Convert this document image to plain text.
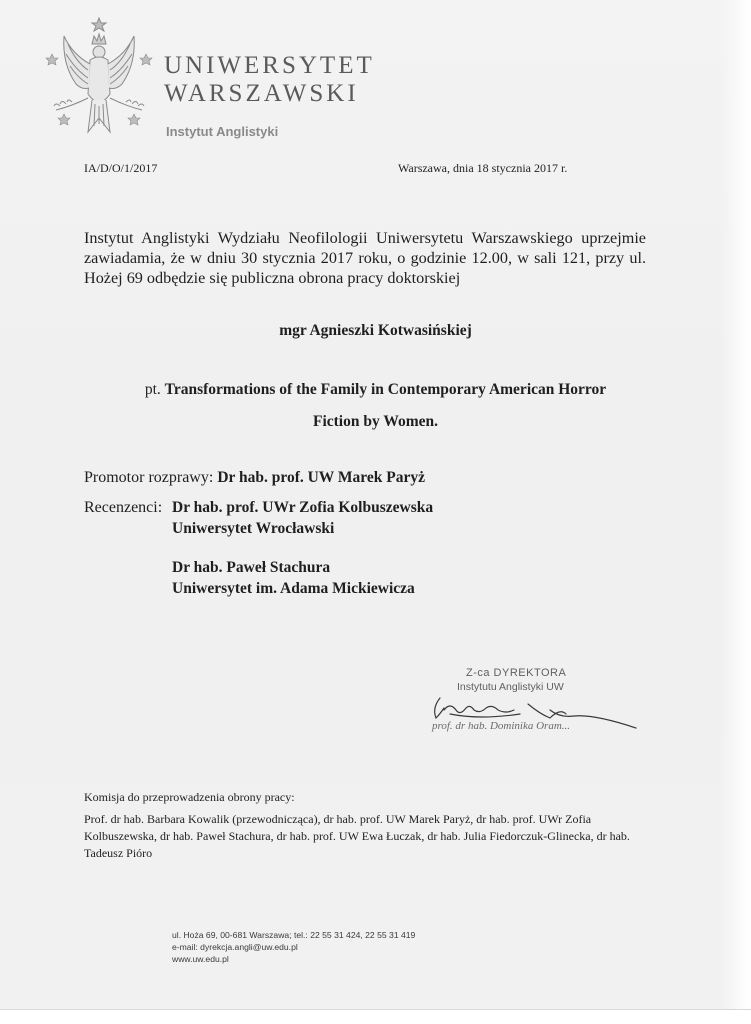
UNIWERSYTET
WARSZAWSKI
Instytut Anglistyki
IA/D/O/1/2017	Warszawa, dnia 18 stycznia 2017 r.

Instytut Anglistyki Wydziału Neofilologii Uniwersytetu Warszawskiego uprzejmie zawiadamia, że w dniu 30 stycznia 2017 roku, o godzinie 12.00, w sali 121, przy ul. Hożej 69 odbędzie się publiczna obrona pracy doktorskiej

mgr Agnieszki Kotwasińskiej
pt. Transformations of the Family in Contemporary American Horror
Fiction by Women.
Promotor rozprawy: Dr hab. prof. UW Marek Paryż
Recenzenci: Dr hab. prof. UWr Zofia Kolbuszewska
Uniwersytet Wrocławski
Dr hab. Paweł Stachura
Uniwersytet im. Adama Mickiewicza
Z-ca DYREKTORA
Instytutu Anglistyki UW
prof. dr hab. Dominika Oram...
Komisja do przeprowadzenia obrony pracy:

Prof. dr hab. Barbara Kowalik (przewodnicząca), dr hab. prof. UW Marek Paryż, dr hab. prof. UWr Zofia Kolbuszewska, dr hab. Paweł Stachura, dr hab. prof. UW Ewa Łuczak, dr hab. Julia Fiedorczuk-Glinecka, dr hab. Tadeusz Pióro

ul. Hoża 69, 00-681 Warszawa; tel.: 22 55 31 424, 22 55 31 419
e-mail: dyrekcja.angli@uw.edu.pl
www.uw.edu.pl
